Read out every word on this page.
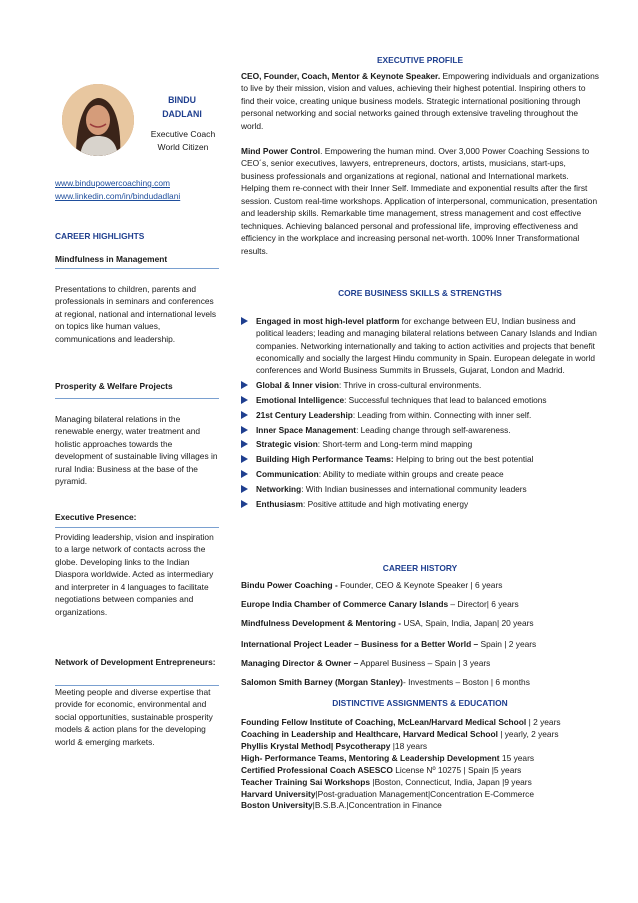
BINDU
DADLANI
Executive Coach
World Citizen
www.bindupowercoaching.com
www.linkedin.com/in/bindudadlani
CAREER HIGHLIGHTS
Mindfulness in Management
Presentations to children, parents and professionals in seminars and conferences at regional, national and international levels on topics like human values, communications and leadership.
Prosperity & Welfare Projects
Managing bilateral relations in the renewable energy, water treatment and holistic approaches towards the development of sustainable living villages in rural India: Business at the base of the pyramid.
Executive Presence:
Providing leadership, vision and inspiration to a large network of contacts across the globe. Developing links to the Indian Diaspora worldwide. Acted as intermediary and interpreter in 4 languages to facilitate negotiations between companies and organizations.
Network of Development Entrepreneurs:
Meeting people and diverse expertise that provide for economic, environmental and social opportunities, sustainable prosperity models & action plans for the developing world & emerging markets.
EXECUTIVE PROFILE
CEO, Founder, Coach, Mentor & Keynote Speaker. Empowering individuals and organizations to live by their mission, vision and values, achieving their highest potential. Inspiring others to find their voice, creating unique business models. Strategic international positioning through personal networking and social networks gained through extensive traveling throughout the world.
Mind Power Control. Empowering the human mind. Over 3,000 Power Coaching Sessions to CEO´s, senior executives, lawyers, entrepreneurs, doctors, artists, musicians, start-ups, business professionals and organizations at regional, national and International markets. Helping them re-connect with their Inner Self. Immediate and exponential results after the first session. Custom real-time workshops. Application of interpersonal, communication, presentation and leadership skills. Remarkable time management, stress management and cost effective techniques. Achieving balanced personal and professional life, improving effectiveness and efficiency in the workplace and increasing personal net-worth. 100% Inner Transformational results.
CORE BUSINESS SKILLS & STRENGTHS
Engaged in most high-level platform for exchange between EU, Indian business and political leaders; leading and managing bilateral relations between Canary Islands and Indian companies. Networking internationally and taking to action activities and projects that benefit economically and socially the largest Hindu community in Spain. European delegate in world conferences and World Business Summits in Brussels, Gujarat, London and Madrid.
Global & Inner vision: Thrive in cross-cultural environments.
Emotional Intelligence: Successful techniques that lead to balanced emotions
21st Century Leadership: Leading from within. Connecting with inner self.
Inner Space Management: Leading change through self-awareness.
Strategic vision: Short-term and Long-term mind mapping
Building High Performance Teams: Helping to bring out the best potential
Communication: Ability to mediate within groups and create peace
Networking: With Indian businesses and international community leaders
Enthusiasm: Positive attitude and high motivating energy
CAREER HISTORY
Bindu Power Coaching - Founder, CEO & Keynote Speaker | 6 years
Europe India Chamber of Commerce Canary Islands – Director| 6 years
Mindfulness Development & Mentoring - USA, Spain, India, Japan| 20 years
International Project Leader – Business for a Better World – Spain | 2 years
Managing Director & Owner – Apparel Business – Spain | 3 years
Salomon Smith Barney (Morgan Stanley)- Investments – Boston | 6 months
DISTINCTIVE ASSIGNMENTS & EDUCATION
Founding Fellow Institute of Coaching, McLean/Harvard Medical School | 2 years
Coaching in Leadership and Healthcare, Harvard Medical School | yearly, 2 years
Phyllis Krystal Method| Psycotherapy |18 years
High- Performance Teams, Mentoring & Leadership Development 15 years
Certified Professional Coach ASESCO License Nº 10275 | Spain |5 years
Teacher Training Sai Workshops |Boston, Connecticut, India, Japan |9 years
Harvard University|Post-graduation Management|Concentration E-Commerce
Boston University|B.S.B.A.|Concentration in Finance
